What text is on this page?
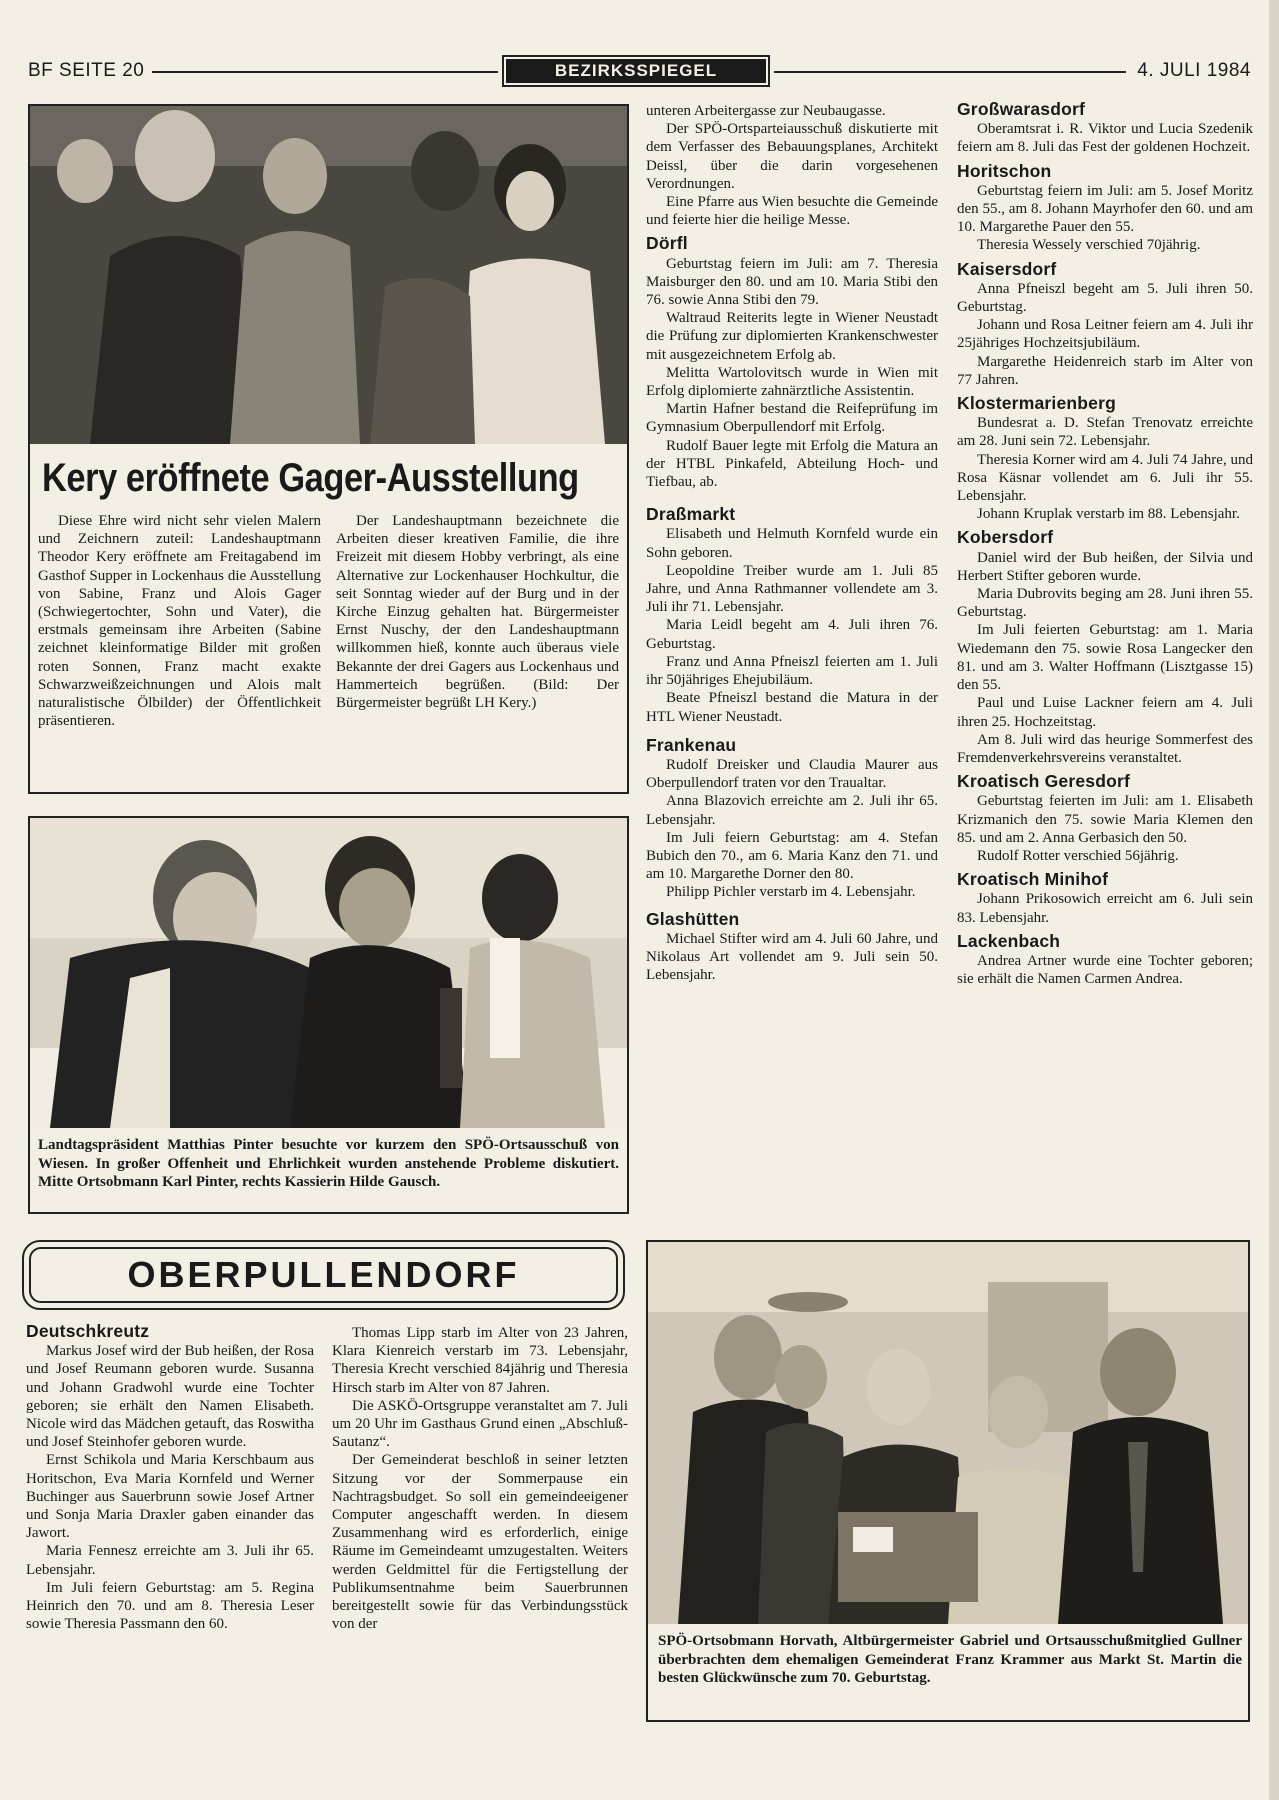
BF SEITE 20	BEZIRKSSPIEGEL	4. JULI 1984
Kery eröffnete Gager-Ausstellung

Diese Ehre wird nicht sehr vielen Malern und Zeichnern zuteil: Landeshauptmann Theodor Kery eröffnete am Freitagabend im Gasthof Supper in Lockenhaus die Ausstellung von Sabine, Franz und Alois Gager (Schwiegertochter, Sohn und Vater), die erstmals gemeinsam ihre Arbeiten (Sabine zeichnet kleinformatige Bilder mit großen roten Sonnen, Franz macht exakte Schwarzweißzeichnungen und Alois malt naturalistische Ölbilder) der Öffentlichkeit präsentieren.

Der Landeshauptmann bezeichnete die Arbeiten dieser kreativen Familie, die ihre Freizeit mit diesem Hobby verbringt, als eine Alternative zur Lockenhauser Hochkultur, die seit Sonntag wieder auf der Burg und in der Kirche Einzug gehalten hat. Bürgermeister Ernst Nuschy, der den Landeshauptmann willkommen hieß, konnte auch überaus viele Bekannte der drei Gagers aus Lockenhaus und Hammerteich begrüßen. (Bild: Der Bürgermeister begrüßt LH Kery.)

Landtagspräsident Matthias Pinter besuchte vor kurzem den SPÖ-Ortsausschuß von Wiesen. In großer Offenheit und Ehrlichkeit wurden anstehende Probleme diskutiert. Mitte Ortsobmann Karl Pinter, rechts Kassierin Hilde Gausch.

unteren Arbeitergasse zur Neubaugasse.

Der SPÖ-Ortsparteiausschuß diskutierte mit dem Verfasser des Bebauungsplanes, Architekt Deissl, über die darin vorgesehenen Verordnungen.

Eine Pfarre aus Wien besuchte die Gemeinde und feierte hier die heilige Messe.

Dörfl

Geburtstag feiern im Juli: am 7. Theresia Maisburger den 80. und am 10. Maria Stibi den 76. sowie Anna Stibi den 79.

Waltraud Reiterits legte in Wiener Neustadt die Prüfung zur diplomierten Krankenschwester mit ausgezeichnetem Erfolg ab.

Melitta Wartolovitsch wurde in Wien mit Erfolg diplomierte zahnärztliche Assistentin.

Martin Hafner bestand die Reifeprüfung im Gymnasium Oberpullendorf mit Erfolg.

Rudolf Bauer legte mit Erfolg die Matura an der HTBL Pinkafeld, Abteilung Hoch- und Tiefbau, ab.

Draßmarkt

Elisabeth und Helmuth Kornfeld wurde ein Sohn geboren.

Leopoldine Treiber wurde am 1. Juli 85 Jahre, und Anna Rathmanner vollendete am 3. Juli ihr 71. Lebensjahr.

Maria Leidl begeht am 4. Juli ihren 76. Geburtstag.

Franz und Anna Pfneiszl feierten am 1. Juli ihr 50jähriges Ehejubiläum.

Beate Pfneiszl bestand die Matura in der HTL Wiener Neustadt.

Frankenau

Rudolf Dreisker und Claudia Maurer aus Oberpullendorf traten vor den Traualtar.

Anna Blazovich erreichte am 2. Juli ihr 65. Lebensjahr.

Im Juli feiern Geburtstag: am 4. Stefan Bubich den 70., am 6. Maria Kanz den 71. und am 10. Margarethe Dorner den 80.

Philipp Pichler verstarb im 4. Lebensjahr.

Glashütten

Michael Stifter wird am 4. Juli 60 Jahre, und Nikolaus Art vollendet am 9. Juli sein 50. Lebensjahr.

Großwarasdorf

Oberamtsrat i. R. Viktor und Lucia Szedenik feiern am 8. Juli das Fest der goldenen Hochzeit.

Horitschon

Geburtstag feiern im Juli: am 5. Josef Moritz den 55., am 8. Johann Mayrhofer den 60. und am 10. Margarethe Pauer den 55.

Theresia Wessely verschied 70jährig.

Kaisersdorf

Anna Pfneiszl begeht am 5. Juli ihren 50. Geburtstag.

Johann und Rosa Leitner feiern am 4. Juli ihr 25jähriges Hochzeitsjubiläum.

Margarethe Heidenreich starb im Alter von 77 Jahren.

Klostermarienberg

Bundesrat a. D. Stefan Trenovatz erreichte am 28. Juni sein 72. Lebensjahr.

Theresia Korner wird am 4. Juli 74 Jahre, und Rosa Käsnar vollendet am 6. Juli ihr 55. Lebensjahr.

Johann Kruplak verstarb im 88. Lebensjahr.

Kobersdorf

Daniel wird der Bub heißen, der Silvia und Herbert Stifter geboren wurde.

Maria Dubrovits beging am 28. Juni ihren 55. Geburtstag.

Im Juli feierten Geburtstag: am 1. Maria Wiedemann den 75. sowie Rosa Langecker den 81. und am 3. Walter Hoffmann (Lisztgasse 15) den 55.

Paul und Luise Lackner feiern am 4. Juli ihren 25. Hochzeitstag.

Am 8. Juli wird das heurige Sommerfest des Fremdenverkehrsvereins veranstaltet.

Kroatisch Geresdorf

Geburtstag feierten im Juli: am 1. Elisabeth Krizmanich den 75. sowie Maria Klemen den 85. und am 2. Anna Gerbasich den 50.

Rudolf Rotter verschied 56jährig.

Kroatisch Minihof

Johann Prikosowich erreicht am 6. Juli sein 83. Lebensjahr.

Lackenbach

Andrea Artner wurde eine Tochter geboren; sie erhält die Namen Carmen Andrea.

OBERPULLENDORF
Deutschkreutz

Markus Josef wird der Bub heißen, der Rosa und Josef Reumann geboren wurde. Susanna und Johann Gradwohl wurde eine Tochter geboren; sie erhält den Namen Elisabeth. Nicole wird das Mädchen getauft, das Roswitha und Josef Steinhofer geboren wurde.

Ernst Schikola und Maria Kerschbaum aus Horitschon, Eva Maria Kornfeld und Werner Buchinger aus Sauerbrunn sowie Josef Artner und Sonja Maria Draxler gaben einander das Jawort.

Maria Fennesz erreichte am 3. Juli ihr 65. Lebensjahr.

Im Juli feiern Geburtstag: am 5. Regina Heinrich den 70. und am 8. Theresia Leser sowie Theresia Passmann den 60.

Thomas Lipp starb im Alter von 23 Jahren, Klara Kienreich verstarb im 73. Lebensjahr, Theresia Krecht verschied 84jährig und Theresia Hirsch starb im Alter von 87 Jahren.

Die ASKÖ-Ortsgruppe veranstaltet am 7. Juli um 20 Uhr im Gasthaus Grund einen „Abschluß-Sautanz“.

Der Gemeinderat beschloß in seiner letzten Sitzung vor der Sommerpause ein Nachtragsbudget. So soll ein gemeindeeigener Computer angeschafft werden. In diesem Zusammenhang wird es erforderlich, einige Räume im Gemeindeamt umzugestalten. Weiters werden Geldmittel für die Fertigstellung der Publikumsentnahme beim Sauerbrunnen bereitgestellt sowie für das Verbindungsstück von der

SPÖ-Ortsobmann Horvath, Altbürgermeister Gabriel und Ortsausschußmitglied Gullner überbrachten dem ehemaligen Gemeinderat Franz Krammer aus Markt St. Martin die besten Glückwünsche zum 70. Geburtstag.
